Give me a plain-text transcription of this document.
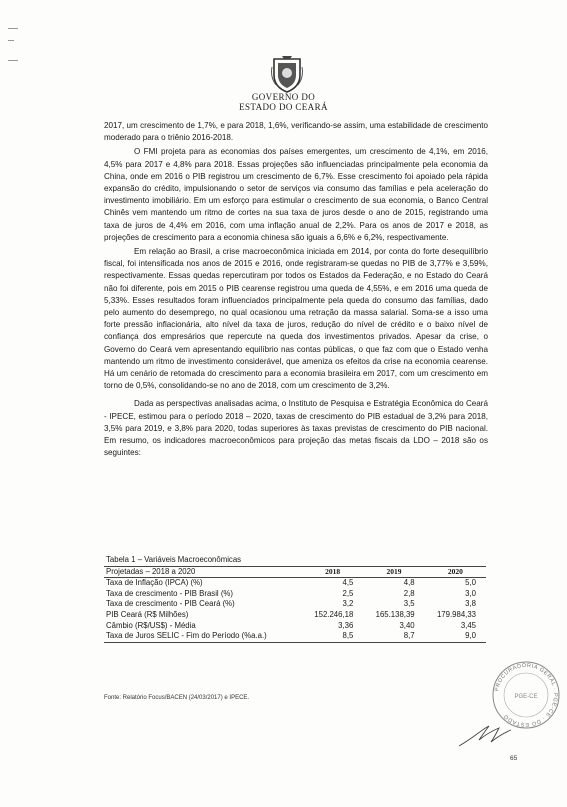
GOVERNO DO
ESTADO DO CEARÁ

2017, um crescimento de 1,7%, e para 2018, 1,6%, verificando-se assim, uma estabilidade de crescimento moderado para o triênio 2016-2018.

O FMI projeta para as economias dos países emergentes, um crescimento de 4,1%, em 2016, 4,5% para 2017 e 4,8% para 2018. Essas projeções são influenciadas principalmente pela economia da China, onde em 2016 o PIB registrou um crescimento de 6,7%. Esse crescimento foi apoiado pela rápida expansão do crédito, impulsionando o setor de serviços via consumo das famílias e pela aceleração do investimento imobiliário. Em um esforço para estimular o crescimento de sua economia, o Banco Central Chinês vem mantendo um ritmo de cortes na sua taxa de juros desde o ano de 2015, registrando uma taxa de juros de 4,4% em 2016, com uma inflação anual de 2,2%. Para os anos de 2017 e 2018, as projeções de crescimento para a economia chinesa são iguais a 6,6% e 6,2%, respectivamente.

Em relação ao Brasil, a crise macroeconômica iniciada em 2014, por conta do forte desequilíbrio fiscal, foi intensificada nos anos de 2015 e 2016, onde registraram-se quedas no PIB de 3,77% e 3,59%, respectivamente. Essas quedas repercutiram por todos os Estados da Federação, e no Estado do Ceará não foi diferente, pois em 2015 o PIB cearense registrou uma queda de 4,55%, e em 2016 uma queda de 5,33%. Esses resultados foram influenciados principalmente pela queda do consumo das famílias, dado pelo aumento do desemprego, no qual ocasionou uma retração da massa salarial. Soma-se a isso uma forte pressão inflacionária, alto nível da taxa de juros, redução do nível de crédito e o baixo nível de confiança dos empresários que repercute na queda dos investimentos privados. Apesar da crise, o Governo do Ceará vem apresentando equilíbrio nas contas públicas, o que faz com que o Estado venha mantendo um ritmo de investimento considerável, que ameniza os efeitos da crise na economia cearense. Há um cenário de retomada do crescimento para a economia brasileira em 2017, com um crescimento em torno de 0,5%, consolidando-se no ano de 2018, com um crescimento de 3,2%.

Dada as perspectivas analisadas acima, o Instituto de Pesquisa e Estratégia Econômica do Ceará - IPECE, estimou para o período 2018 – 2020, taxas de crescimento do PIB estadual de 3,2% para 2018, 3,5% para 2019, e 3,8% para 2020, todas superiores às taxas previstas de crescimento do PIB nacional. Em resumo, os indicadores macroeconômicos para projeção das metas fiscais da LDO – 2018 são os seguintes:

Tabela 1 – Variáveis Macroeconômicas			
Projetadas – 2018 a 2020	2018	2019	2020
Taxa de Inflação (IPCA) (%)	4,5	4,8	5,0
Taxa de crescimento - PIB Brasil (%)	2,5	2,8	3,0
Taxa de crescimento - PIB Ceará (%)	3,2	3,5	3,8
PIB Ceará (R$ Milhões)	152.246,18	165.138,39	179.984,33
Câmbio (R$/US$) - Média	3,36	3,40	3,45
Taxa de Juros SELIC - Fim do Período (%a.a.)	8,5	8,7	9,0
Fonte: Relatório Focus/BACEN (24/03/2017) e IPECE.
PROCURADORIA GERAL · PGE-CE · DO ESTADO
PGE-CE
65
